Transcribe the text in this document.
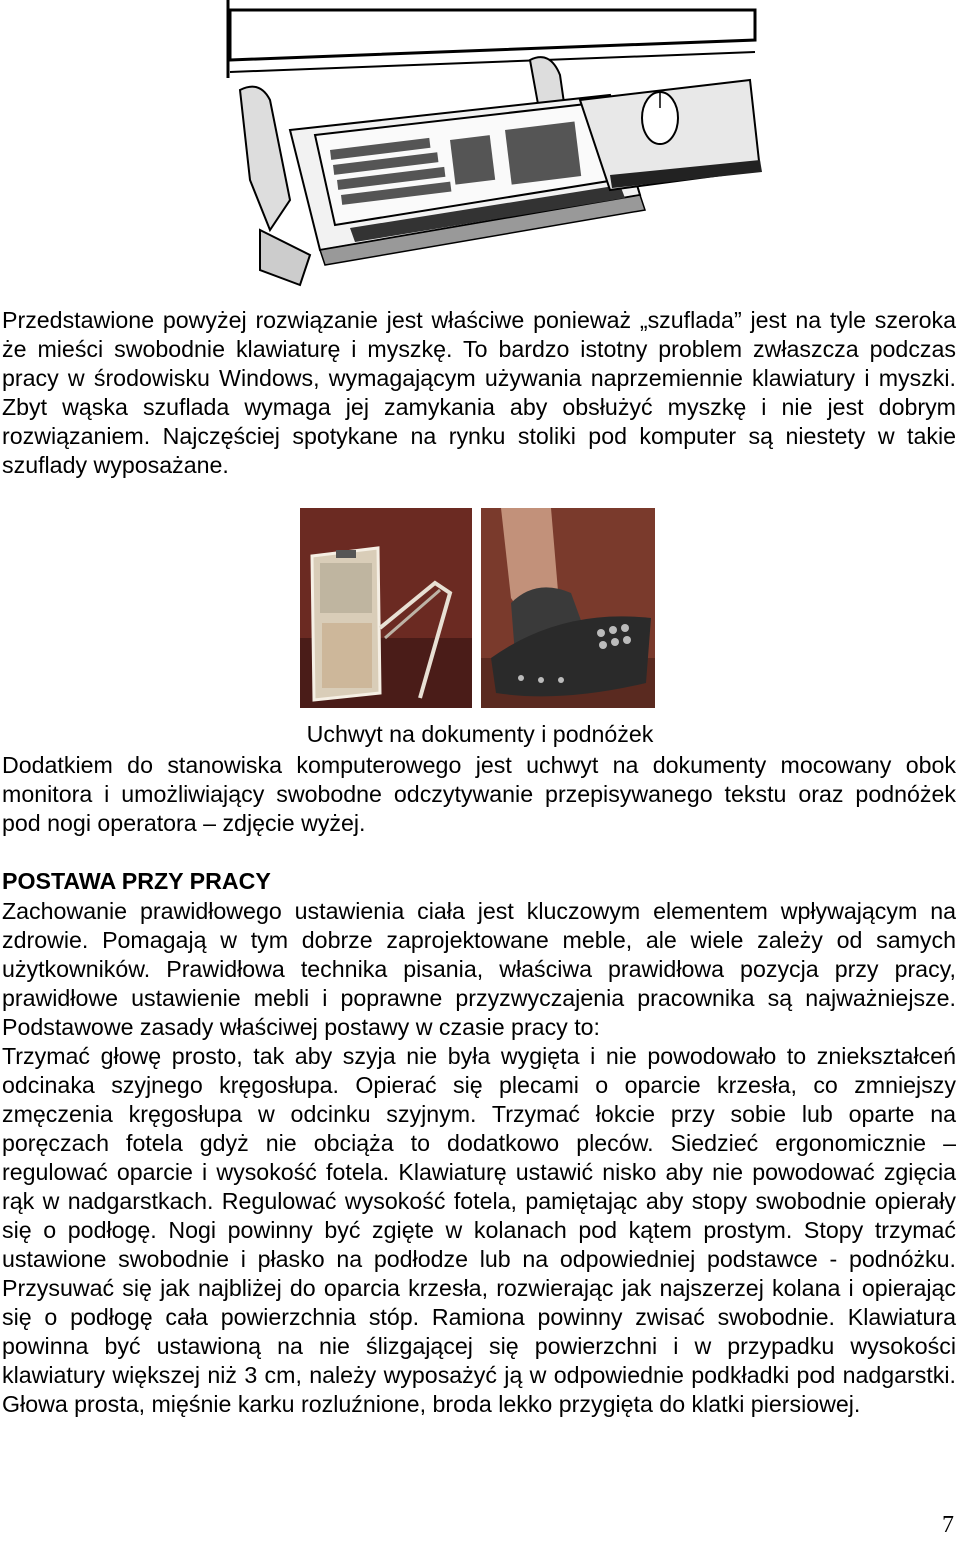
Przedstawione powyżej rozwiązanie jest właściwe ponieważ „szuflada” jest na tyle szeroka że mieści swobodnie klawiaturę i myszkę. To bardzo istotny problem zwłaszcza podczas pracy w środowisku Windows, wymagającym używania naprzemiennie klawiatury i myszki. Zbyt wąska szuflada wymaga jej zamykania aby obsłużyć myszkę i nie jest dobrym rozwiązaniem. Najczęściej spotykane na rynku stoliki pod komputer są niestety w takie szuflady wyposażane.
Uchwyt na dokumenty i podnóżek
Dodatkiem do stanowiska komputerowego jest uchwyt na dokumenty mocowany obok monitora i umożliwiający swobodne odczytywanie przepisywanego tekstu oraz podnóżek pod nogi operatora – zdjęcie wyżej.
POSTAWA PRZY PRACY
Zachowanie prawidłowego ustawienia ciała jest kluczowym elementem wpływającym na zdrowie. Pomagają w tym dobrze zaprojektowane meble, ale wiele zależy od samych użytkowników. Prawidłowa technika pisania, właściwa prawidłowa pozycja przy pracy, prawidłowe ustawienie mebli i poprawne przyzwyczajenia pracownika są najważniejsze. Podstawowe zasady właściwej postawy w czasie pracy to:
Trzymać głowę prosto, tak aby szyja nie była wygięta i nie powodowało to zniekształceń odcinaka szyjnego kręgosłupa. Opierać się plecami o oparcie krzesła, co zmniejszy zmęczenia kręgosłupa w odcinku szyjnym. Trzymać łokcie przy sobie lub oparte na poręczach fotela gdyż nie obciąża to dodatkowo pleców. Siedzieć ergonomicznie – regulować oparcie i wysokość fotela. Klawiaturę ustawić nisko aby nie powodować zgięcia rąk w nadgarstkach. Regulować wysokość fotela, pamiętając aby stopy swobodnie opierały się o podłogę. Nogi powinny być zgięte w kolanach pod kątem prostym. Stopy trzymać ustawione swobodnie i płasko na podłodze lub na odpowiedniej podstawce - podnóżku. Przysuwać się jak najbliżej do oparcia krzesła, rozwierając jak najszerzej kolana i opierając się o podłogę cała powierzchnia stóp. Ramiona powinny zwisać swobodnie. Klawiatura powinna być ustawioną na nie ślizgającej się powierzchni i w przypadku wysokości klawiatury większej niż 3 cm, należy wyposażyć ją w odpowiednie podkładki pod nadgarstki. Głowa prosta, mięśnie karku rozluźnione, broda lekko przygięta do klatki piersiowej.
7
